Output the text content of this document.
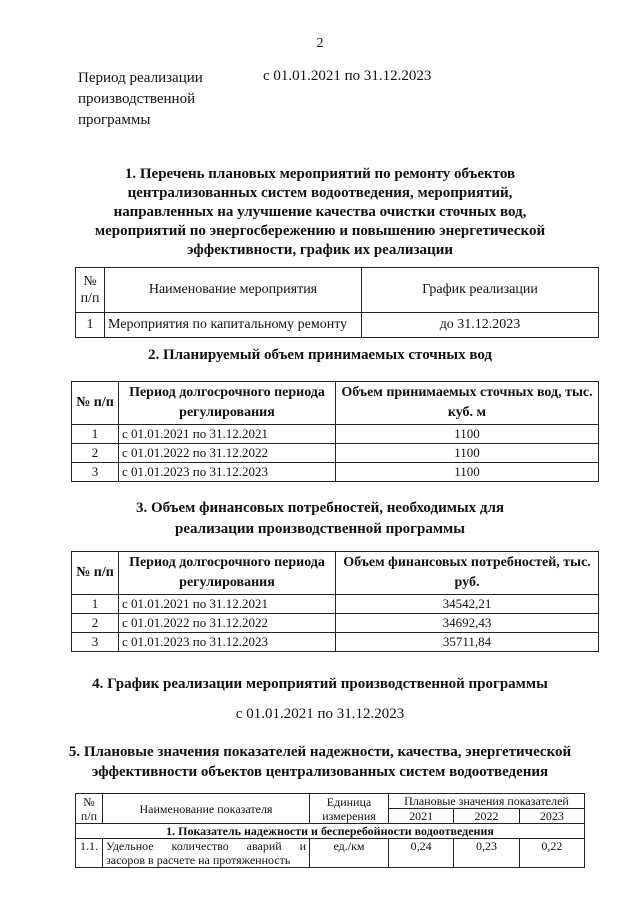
2
Период реализации
производственной
программы
с 01.01.2021 по 31.12.2023
1. Перечень плановых мероприятий по ремонту объектов
централизованных систем водоотведения, мероприятий,
направленных на улучшение качества очистки сточных вод,
мероприятий по энергосбережению и повышению энергетической
эффективности, график их реализации
№ п/п	Наименование мероприятия	График реализации
1	Мероприятия по капитальному ремонту	до 31.12.2023
2. Планируемый объем принимаемых сточных вод
№ п/п	Период долгосрочного периода регулирования	Объем принимаемых сточных вод, тыс. куб. м
1	с 01.01.2021 по 31.12.2021	1100
2	с 01.01.2022 по 31.12.2022	1100
3	с 01.01.2023 по 31.12.2023	1100
3. Объем финансовых потребностей, необходимых для
реализации производственной программы
№ п/п	Период долгосрочного периода регулирования	Объем финансовых потребностей, тыс. руб.
1	с 01.01.2021 по 31.12.2021	34542,21
2	с 01.01.2022 по 31.12.2022	34692,43
3	с 01.01.2023 по 31.12.2023	35711,84
4. График реализации мероприятий производственной программы
с 01.01.2021 по 31.12.2023
5. Плановые значения показателей надежности, качества, энергетической
эффективности объектов централизованных систем водоотведения
№ п/п	Наименование показателя	Единица измерения	Плановые значения показателей		
			2021	2022	2023
1. Показатель надежности и бесперебойности водоотведения					
1.1.	Удельное количество аварий и
засоров в расчете на протяженность	ед./км	0,24	0,23	0,22
